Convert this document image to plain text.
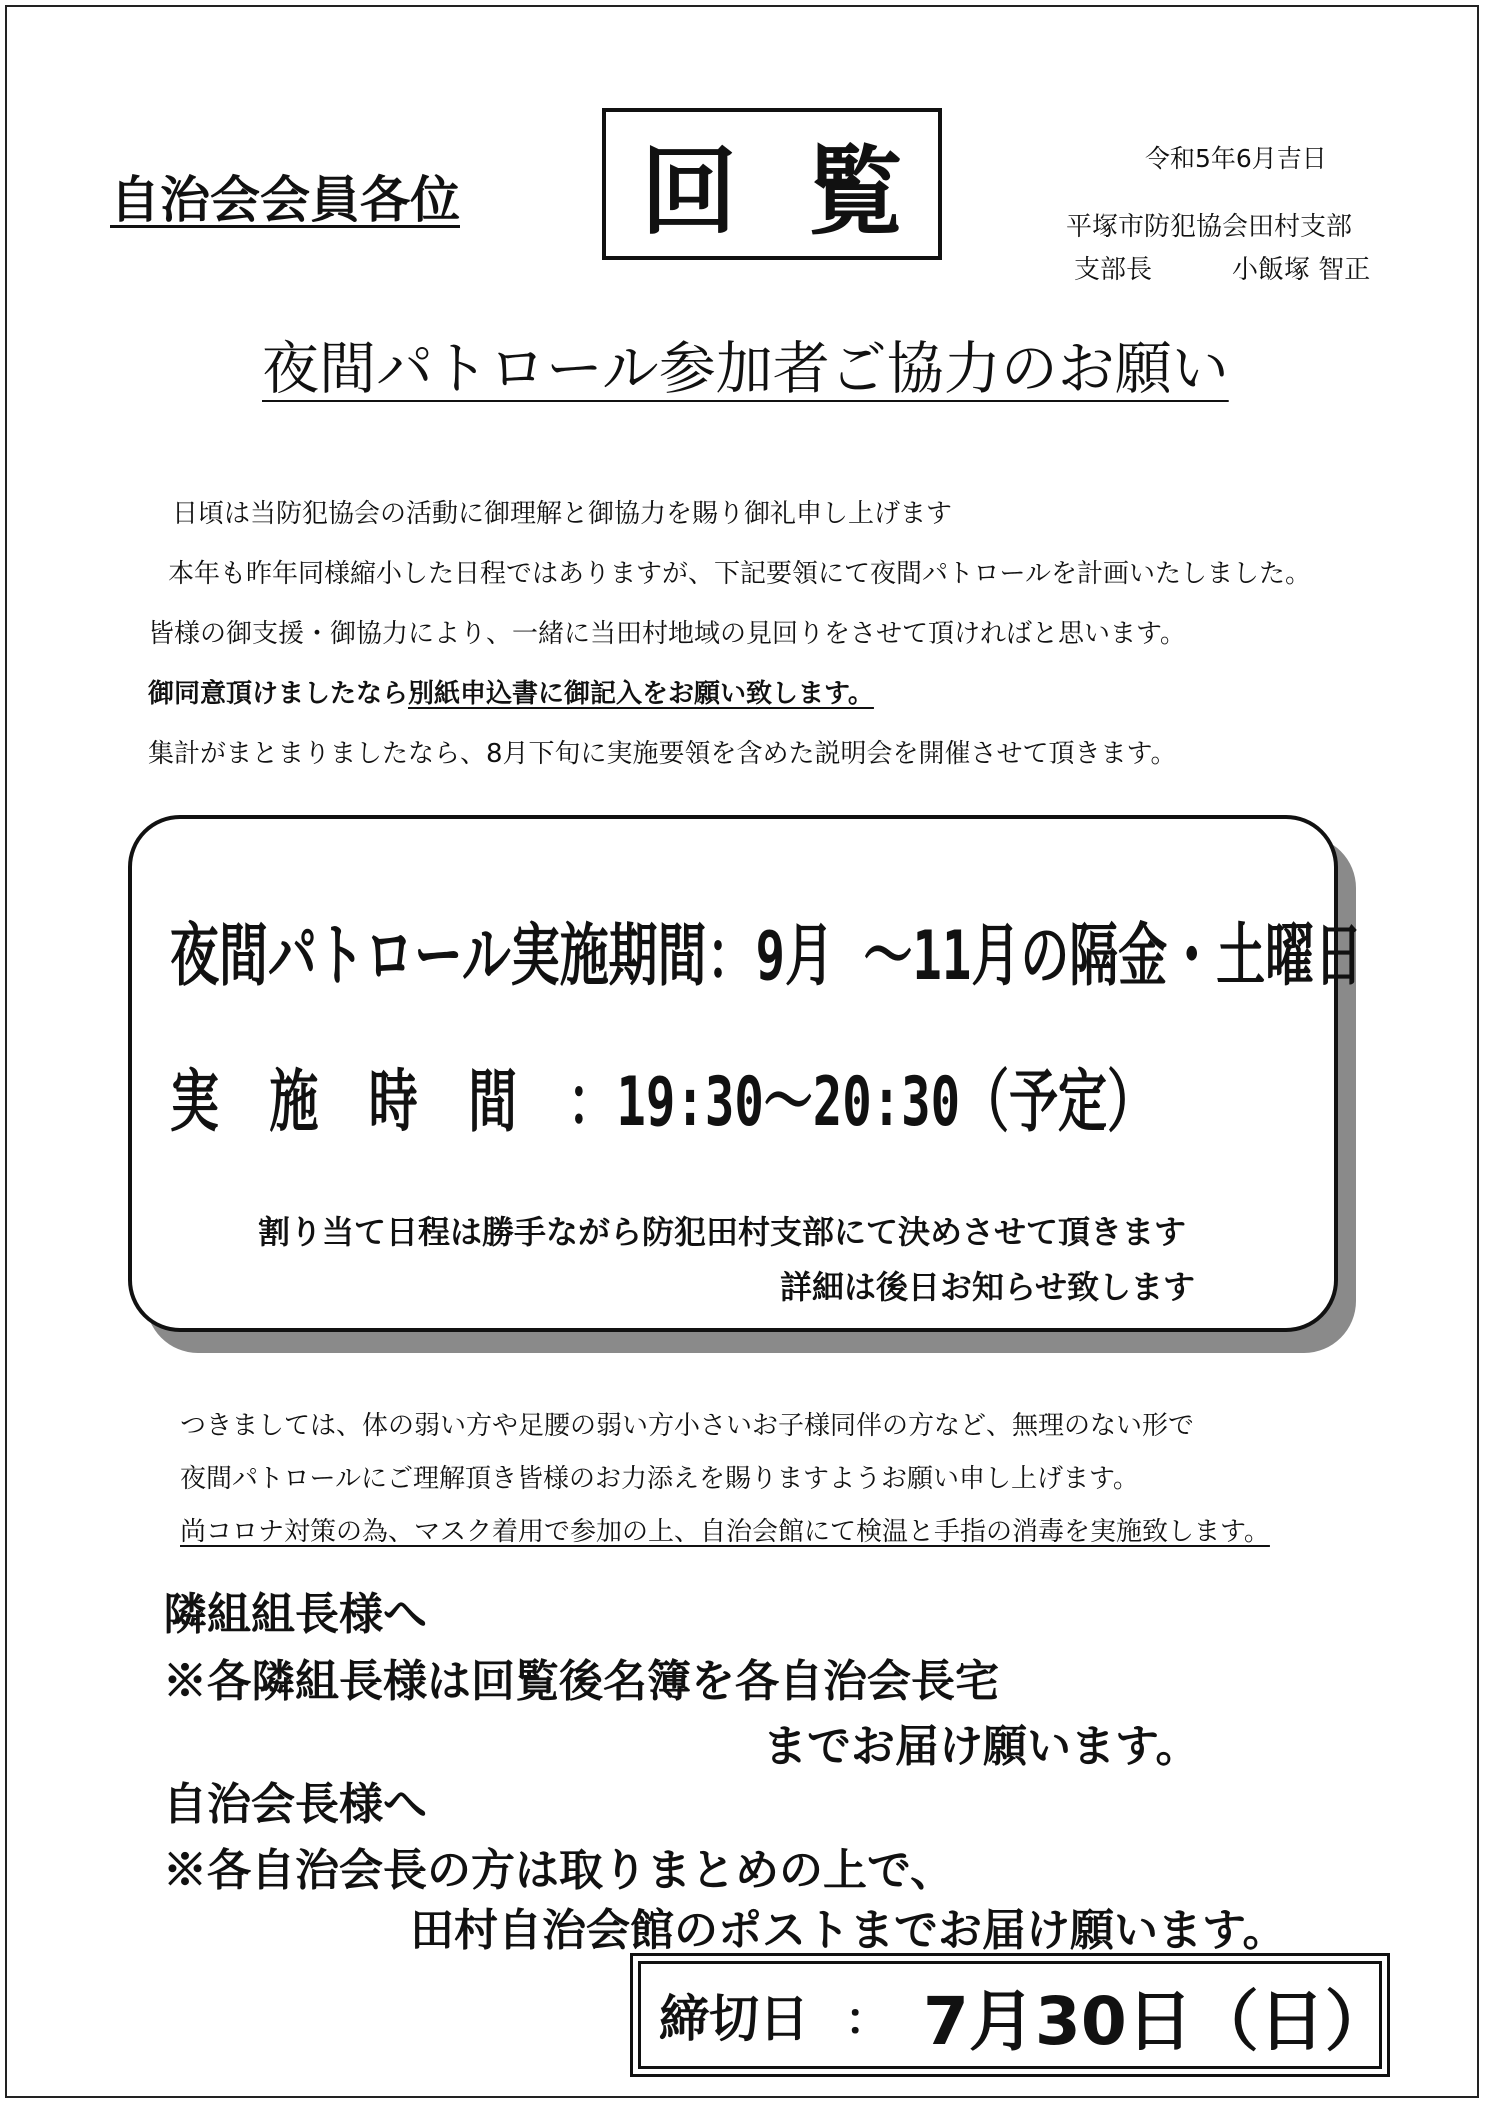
自治会会員各位 回覧	令和5年6月吉日
平塚市防犯協会田村支部
支部長	小飯塚 智正
夜間パトロール参加者ご協力のお願い
日頃は当防犯協会の活動に御理解と御協力を賜り御礼申し上げます
本年も昨年同様縮小した日程ではありますが、下記要領にて夜間パトロールを計画いたしました。
皆様の御支援・御協力により、一緒に当田村地域の見回りをさせて頂ければと思います。
御同意頂けましたなら別紙申込書に御記入をお願い致します。
集計がまとまりましたなら、8月下旬に実施要領を含めた説明会を開催させて頂きます。
夜間パトロール実施期間：9月 ～11月の隔金・土曜日
実施時間：19:30～20:30（予定）
割り当て日程は勝手ながら防犯田村支部にて決めさせて頂きます
詳細は後日お知らせ致します
つきましては、体の弱い方や足腰の弱い方小さいお子様同伴の方など、無理のない形で
夜間パトロールにご理解頂き皆様のお力添えを賜りますようお願い申し上げます。
尚コロナ対策の為、マスク着用で参加の上、自治会館にて検温と手指の消毒を実施致します。
隣組組長様へ
※各隣組長様は回覧後名簿を各自治会長宅
までお届け願います。
自治会長様へ
※各自治会長の方は取りまとめの上で、
田村自治会館のポストまでお届け願います。
締切日 ： 7月30日（日）
